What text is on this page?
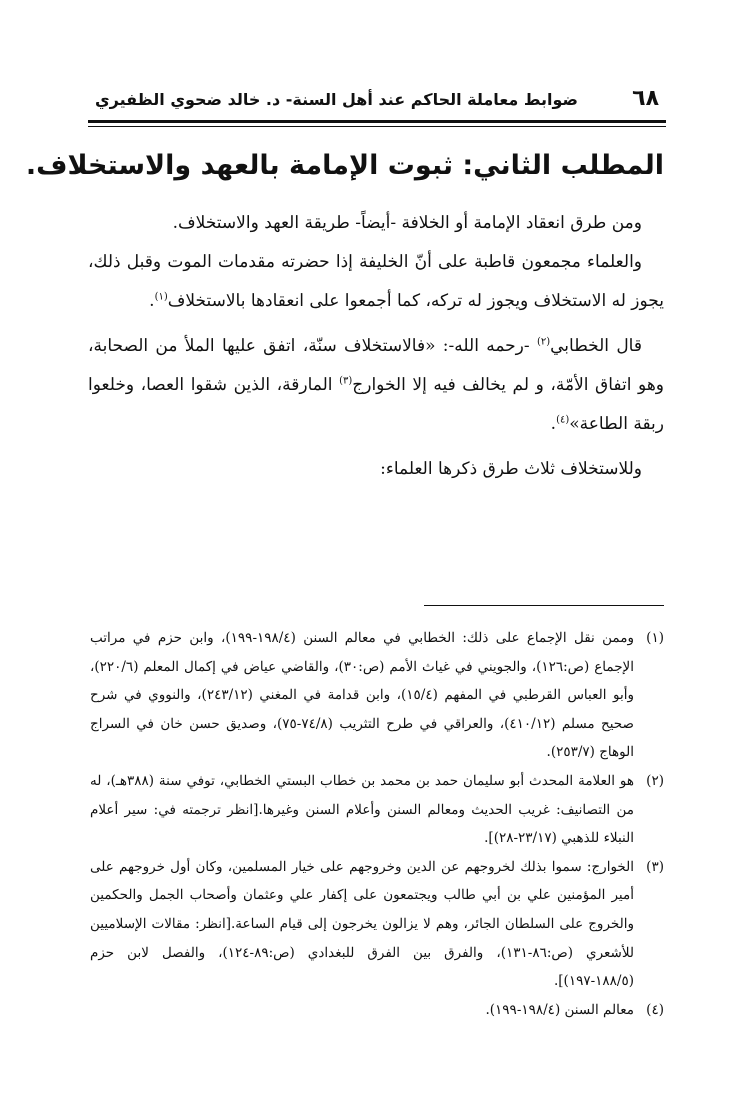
٦٨
ضوابط معاملة الحاكم عند أهل السنة- د. خالد ضحوي الظفيري
المطلب الثاني: ثبوت الإمامة بالعهد والاستخلاف.

ومن طرق انعقاد الإمامة أو الخلافة -أيضاً- طريقة العهد والاستخلاف.

والعلماء مجمعون قاطبة على أنّ الخليفة إذا حضرته مقدمات الموت وقبل ذلك، يجوز له الاستخلاف ويجوز له تركه، كما أجمعوا على انعقادها بالاستخلاف$^{(١)}$.

قال الخطابي$^{(٢)}$ -رحمه الله-: «فالاستخلاف سنّة، اتفق عليها الملأ من الصحابة، وهو اتفاق الأمّة، و لم يخالف فيه إلا الخوارج$^{(٣)}$ المارقة، الذين شقوا العصا، وخلعوا ربقة الطاعة»$^{(٤)}$.

وللاستخلاف ثلاث طرق ذكرها العلماء:

(١)
وممن نقل الإجماع على ذلك: الخطابي في معالم السنن (١٩٨/٤-١٩٩)، وابن حزم في مراتب الإجماع (ص:١٢٦)، والجويني في غياث الأمم (ص:٣٠)، والقاضي عياض في إكمال المعلم (٢٢٠/٦)، وأبو العباس القرطبي في المفهم (١٥/٤)، وابن قدامة في المغني (٢٤٣/١٢)، والنووي في شرح صحيح مسلم (٤١٠/١٢)، والعراقي في طرح التثريب (٧٤/٨-٧٥)، وصديق حسن خان في السراج الوهاج (٢٥٣/٧).
(٢)
هو العلامة المحدث أبو سليمان حمد بن محمد بن خطاب البستي الخطابي، توفي سنة (٣٨٨هـ)، له من التصانيف: غريب الحديث ومعالم السنن وأعلام السنن وغيرها.[انظر ترجمته في: سير أعلام النبلاء للذهبي (٢٣/١٧-٢٨)].
(٣)
الخوارج: سموا بذلك لخروجهم عن الدين وخروجهم على خيار المسلمين، وكان أول خروجهم على أمير المؤمنين علي بن أبي طالب ويجتمعون على إكفار علي وعثمان وأصحاب الجمل والحكمين والخروج على السلطان الجائر، وهم لا يزالون يخرجون إلى قيام الساعة.[انظر: مقالات الإسلاميين للأشعري (ص:٨٦-١٣١)، والفرق بين الفرق للبغدادي (ص:٨٩-١٢٤)، والفصل لابن حزم (١٨٨/٥-١٩٧)].
(٤)
معالم السنن (١٩٨/٤-١٩٩).
